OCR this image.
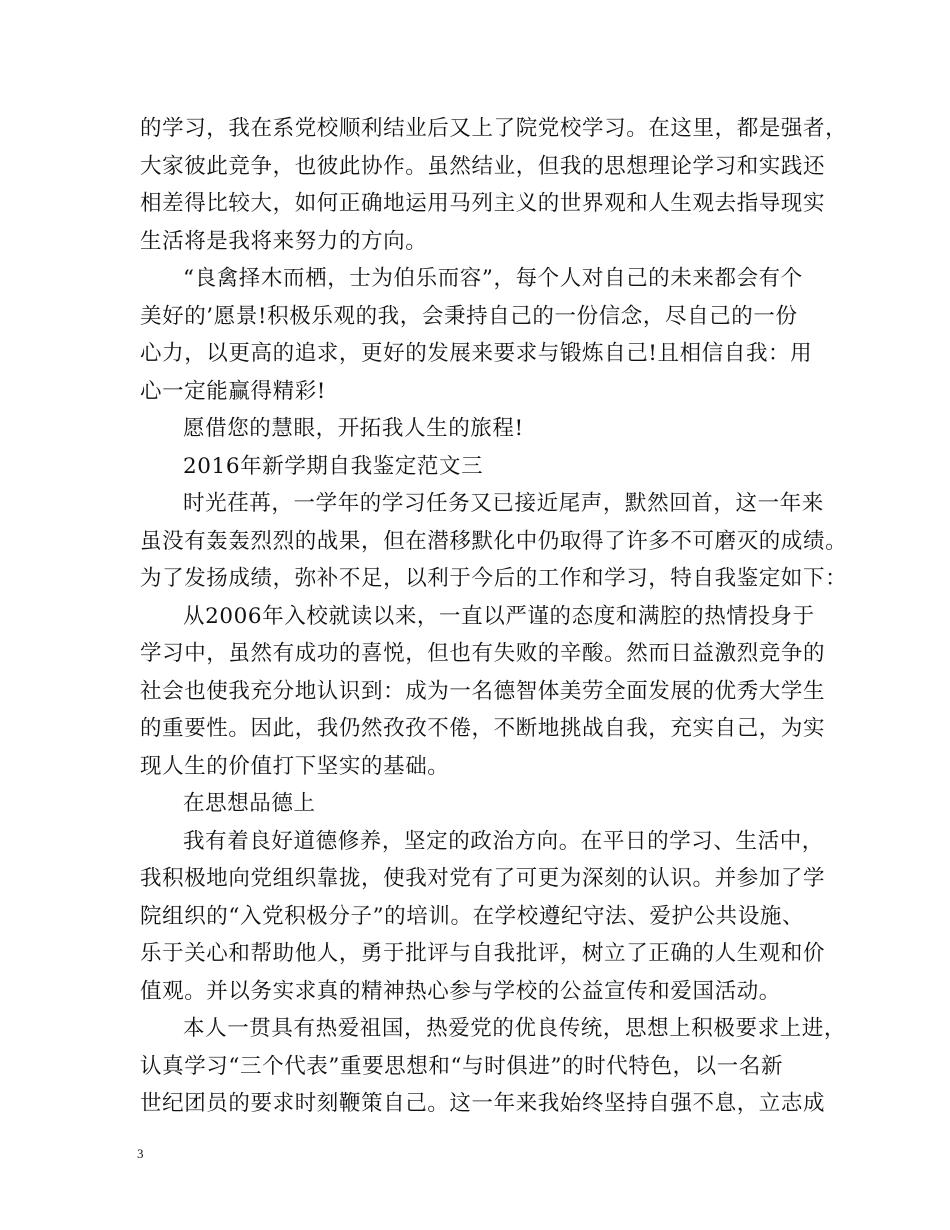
的学习，我在系党校顺利结业后又上了院党校学习。在这里，都是强者，
大家彼此竞争，也彼此协作。虽然结业，但我的思想理论学习和实践还
相差得比较大，如何正确地运用马列主义的世界观和人生观去指导现实
生活将是我将来努力的方向。
“良禽择木而栖，士为伯乐而容”，每个人对自己的未来都会有个
美好的’愿景!积极乐观的我，会秉持自己的一份信念，尽自己的一份
心力，以更高的追求，更好的发展来要求与锻炼自己!且相信自我：用
心一定能赢得精彩!
愿借您的慧眼，开拓我人生的旅程!
2016年新学期自我鉴定范文三
时光荏苒，一学年的学习任务又已接近尾声，默然回首，这一年来
虽没有轰轰烈烈的战果，但在潜移默化中仍取得了许多不可磨灭的成绩。
为了发扬成绩，弥补不足，以利于今后的工作和学习，特自我鉴定如下：
从2006年入校就读以来，一直以严谨的态度和满腔的热情投身于
学习中，虽然有成功的喜悦，但也有失败的辛酸。然而日益激烈竞争的
社会也使我充分地认识到：成为一名德智体美劳全面发展的优秀大学生
的重要性。因此，我仍然孜孜不倦，不断地挑战自我，充实自己，为实
现人生的价值打下坚实的基础。
在思想品德上
我有着良好道德修养，坚定的政治方向。在平日的学习、生活中，
我积极地向党组织靠拢，使我对党有了可更为深刻的认识。并参加了学
院组织的“入党积极分子”的培训。在学校遵纪守法、爱护公共设施、
乐于关心和帮助他人，勇于批评与自我批评，树立了正确的人生观和价
值观。并以务实求真的精神热心参与学校的公益宣传和爱国活动。
本人一贯具有热爱祖国，热爱党的优良传统，思想上积极要求上进，
认真学习“三个代表”重要思想和“与时俱进”的时代特色，以一名新
世纪团员的要求时刻鞭策自己。这一年来我始终坚持自强不息，立志成
3
